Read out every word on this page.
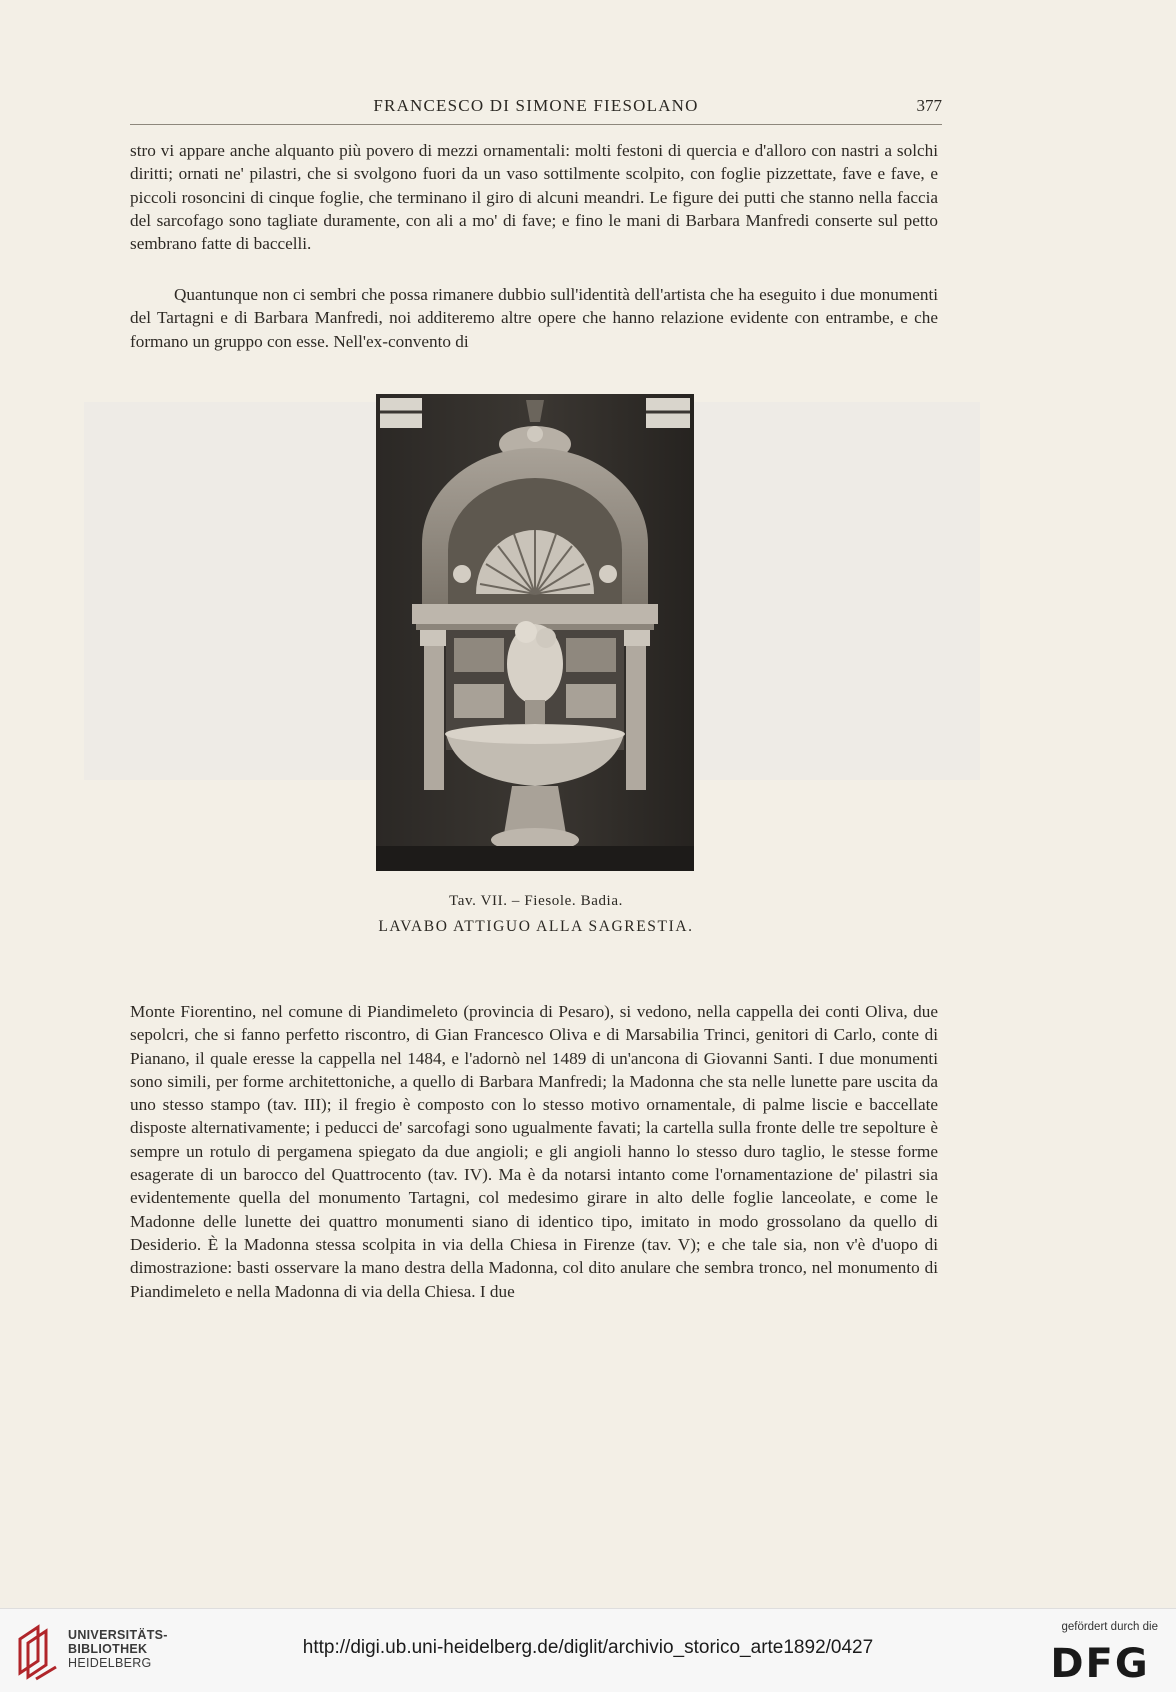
FRANCESCO DI SIMONE FIESOLANO	377

stro vi appare anche alquanto più povero di mezzi ornamentali: molti festoni di quercia e d'alloro con nastri a solchi diritti; ornati ne' pilastri, che si svolgono fuori da un vaso sottilmente scolpito, con foglie pizzettate, fave e fave, e piccoli rosoncini di cinque foglie, che terminano il giro di alcuni meandri. Le figure dei putti che stanno nella faccia del sarcofago sono tagliate duramente, con ali a mo' di fave; e fino le mani di Barbara Manfredi conserte sul petto sembrano fatte di baccelli.

Quantunque non ci sembri che possa rimanere dubbio sull'identità dell'artista che ha eseguito i due monumenti del Tartagni e di Barbara Manfredi, noi additeremo altre opere che hanno relazione evidente con entrambe, e che formano un gruppo con esse. Nell'ex-convento di

Tav. VII. – Fiesole. Badia.
LAVABO ATTIGUO ALLA SAGRESTIA.

Monte Fiorentino, nel comune di Piandimeleto (provincia di Pesaro), si vedono, nella cappella dei conti Oliva, due sepolcri, che si fanno perfetto riscontro, di Gian Francesco Oliva e di Marsabilia Trinci, genitori di Carlo, conte di Pianano, il quale eresse la cappella nel 1484, e l'adornò nel 1489 di un'ancona di Giovanni Santi. I due monumenti sono simili, per forme architettoniche, a quello di Barbara Manfredi; la Madonna che sta nelle lunette pare uscita da uno stesso stampo (tav. III); il fregio è composto con lo stesso motivo ornamentale, di palme liscie e baccellate disposte alternativamente; i peducci de' sarcofagi sono ugualmente favati; la cartella sulla fronte delle tre sepolture è sempre un rotulo di pergamena spiegato da due angioli; e gli angioli hanno lo stesso duro taglio, le stesse forme esagerate di un barocco del Quattrocento (tav. IV). Ma è da notarsi intanto come l'ornamentazione de' pilastri sia evidentemente quella del monumento Tartagni, col medesimo girare in alto delle foglie lanceolate, e come le Madonne delle lunette dei quattro monumenti siano di identico tipo, imitato in modo grossolano da quello di Desiderio. È la Madonna stessa scolpita in via della Chiesa in Firenze (tav. V); e che tale sia, non v'è d'uopo di dimostrazione: basti osservare la mano destra della Madonna, col dito anulare che sembra tronco, nel monumento di Piandimeleto e nella Madonna di via della Chiesa. I due

UNIVERSITÄTS-
BIBLIOTHEK
HEIDELBERG
http://digi.ub.uni-heidelberg.de/diglit/archivio_storico_arte1892/0427
gefördert durch die
DFG
